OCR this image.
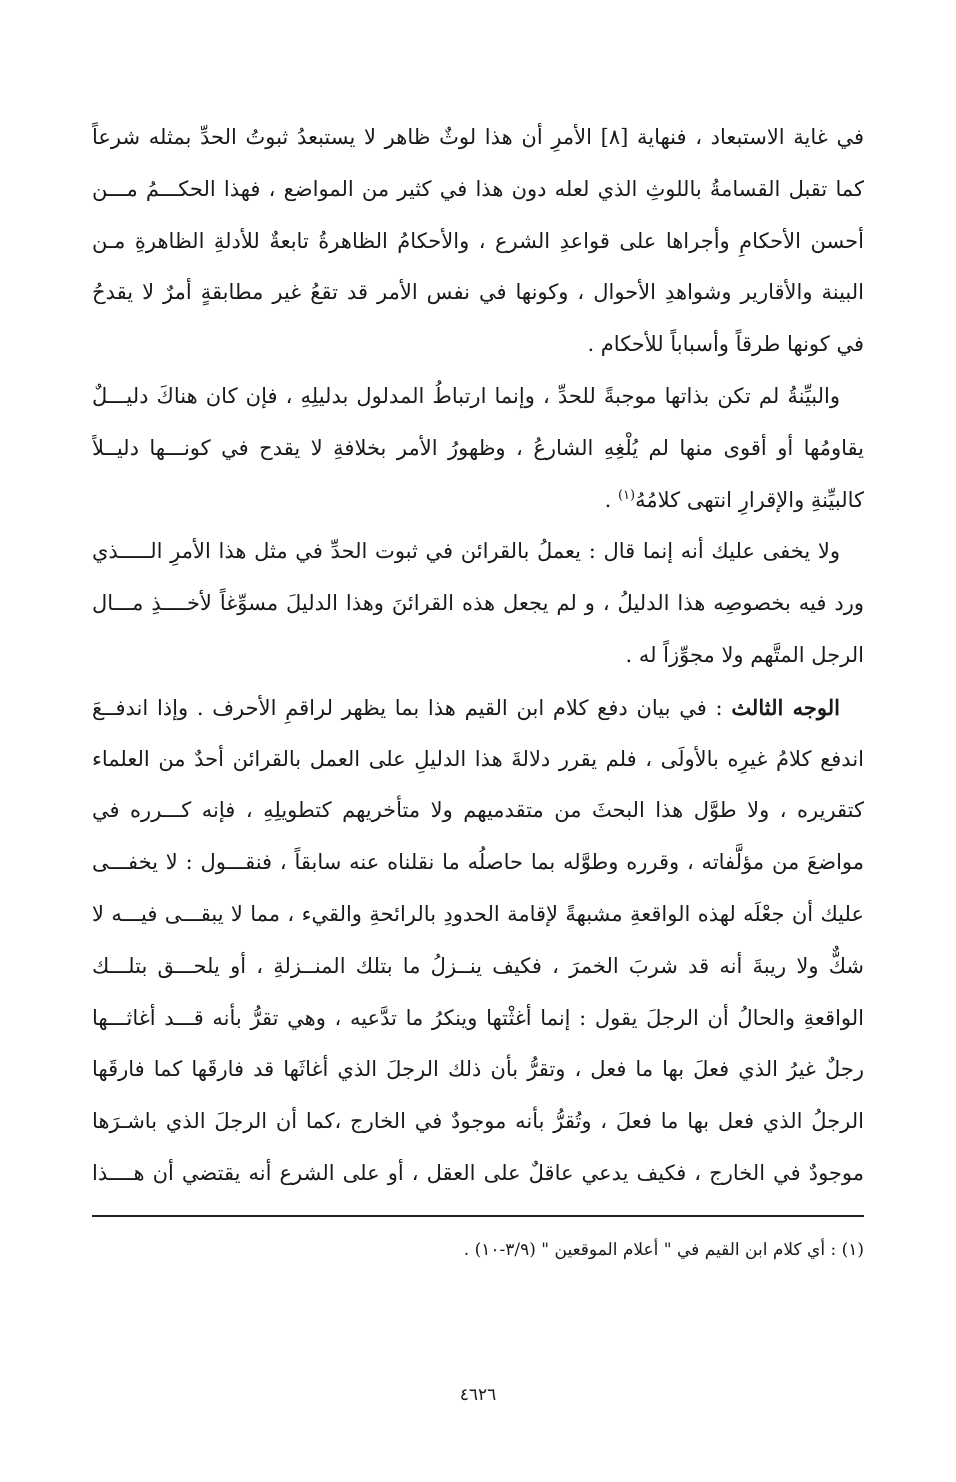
في غاية الاستبعاد ، فنهاية [٨] الأمرِ أن هذا لوثٌ ظاهر لا يستبعدُ ثبوتُ الحدِّ بمثله شرعاً
كما تقبل القسامةُ باللوثِ الذي لعله دون هذا في كثير من المواضع ، فهذا الحكـــمُ مـــن
أحسن الأحكامِ وأجراها على قواعدِ الشرع ، والأحكامُ الظاهرةُ تابعةٌ للأدلةِ الظاهرةِ مـن
البينة والأقارير وشواهدِ الأحوال ، وكونها في نفس الأمر قد تقعُ غير مطابقةٍ أمرٌ لا يقدحُ
في كونها طرقاً وأسباباً للأحكام .
والبيِّنةُ لم تكن بذاتها موجبةً للحدِّ ، وإنما ارتباطُ المدلول بدليلِهِ ، فإن كان هناكَ دليـــلٌ
يقاومُها أو أقوى منها لم يُلْغِهِ الشارعُ ، وظهورُ الأمر بخلافةِ لا يقدح في كونـــها دليــلاً
كالبيِّنةِ والإقرارِ انتهى كلامُهُ$^{(١)}$ .
ولا يخفى عليك أنه إنما قال : يعملُ بالقرائن في ثبوت الحدِّ في مثل هذا الأمرِ الـــــذي
ورد فيه بخصوصِه هذا الدليلُ ، و لم يجعل هذه القرائنَ وهذا الدليلَ مسوِّغاً لأخــــذِ مـــال
الرجل المتَّهم ولا مجوِّزاً له .
الوجه الثالث : في بيان دفع كلام ابن القيم هذا بما يظهر لراقمِ الأحرف . وإذا اندفــعَ
اندفع كلامُ غيرِه بالأولَى ، فلم يقرر دلالةَ هذا الدليلِ على العمل بالقرائن أحدٌ من العلماء
كتقريره ، ولا طوَّل هذا البحثَ من متقدميهم ولا متأخريهم كتطويلِهِ ، فإنه كـــرره في
مواضعَ من مؤلَّفاته ، وقرره وطوَّله بما حاصلُه ما نقلناه عنه سابقاً ، فنقـــول : لا يخفـــى
عليك أن جعْلَه لهذه الواقعةِ مشبهةً لإقامة الحدودِ بالرائحةِ والقيء ، مما لا يبقـــى فيـــه لا
شكٌّ ولا ريبةَ أنه قد شربَ الخمرَ ، فكيف ينــزلُ ما بتلك المنــزلةِ ، أو يلحـــق بتلـــك
الواقعةِ والحالُ أن الرجلَ يقول : إنما أغثْتها وينكرُ ما تدَّعيه ، وهي تقرُّ بأنه قـــد أغاثـــها
رجلٌ غيرُ الذي فعلَ بها ما فعل ، وتقرُّ بأن ذلك الرجلَ الذي أغاثَها قد فارقَها كما فارقَها
الرجلُ الذي فعل بها ما فعلَ ، وتُقرُّ بأنه موجودٌ في الخارج ،كما أن الرجلَ الذي باشـرَها
موجودٌ في الخارج ، فكيف يدعي عاقلٌ على العقل ، أو على الشرع أنه يقتضي أن هــــذا
(١) : أي كلام ابن القيم في " أعلام الموقعين " (٣/٩-١٠) .
٤٦٢٦
